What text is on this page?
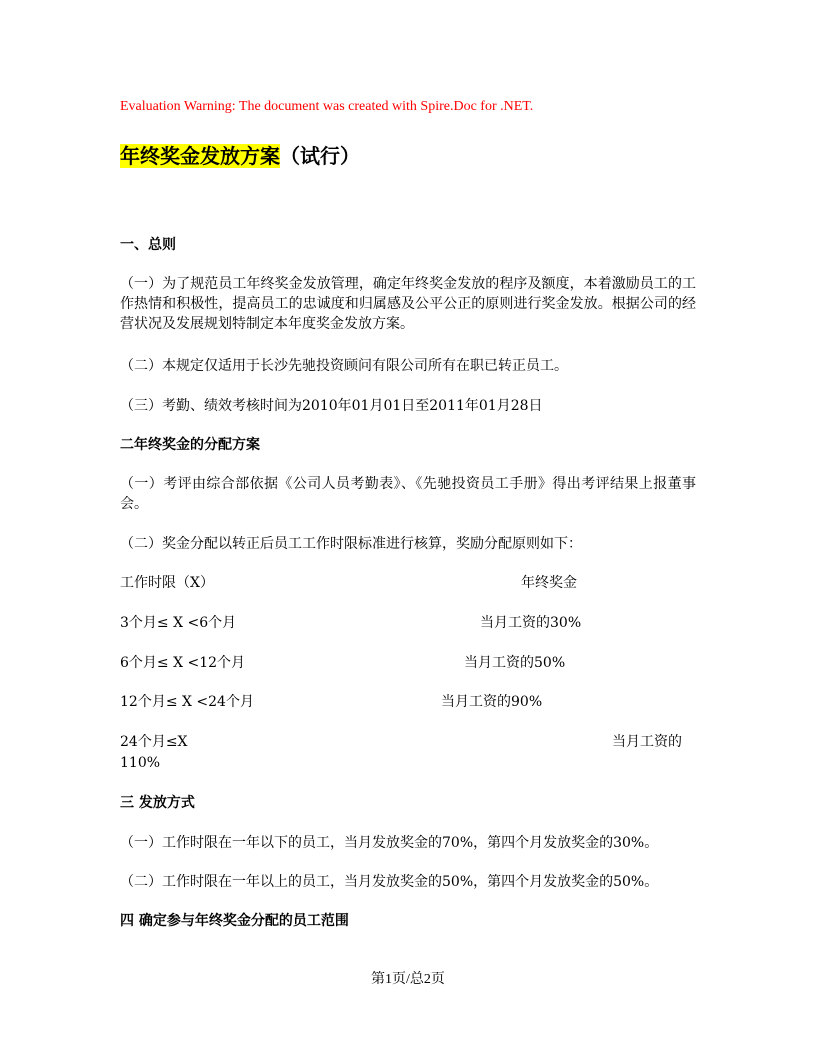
Evaluation Warning: The document was created with Spire.Doc for .NET.
年终奖金发放方案（试行）
一、总则
（一）为了规范员工年终奖金发放管理，确定年终奖金发放的程序及额度，本着激励员工的工作热情和积极性，提高员工的忠诚度和归属感及公平公正的原则进行奖金发放。根据公司的经营状况及发展规划特制定本年度奖金发放方案。
（二）本规定仅适用于长沙先驰投资顾问有限公司所有在职已转正员工。
（三）考勤、绩效考核时间为2010年01月01日至2011年01月28日
二年终奖金的分配方案
（一）考评由综合部依据《公司人员考勤表》、《先驰投资员工手册》得出考评结果上报董事会。
（二）奖金分配以转正后员工工作时限标准进行核算，奖励分配原则如下：
工作时限（X）	年终奖金
3个月≤ X <6个月	当月工资的30%
6个月≤ X <12个月	当月工资的50%
12个月≤ X <24个月	当月工资的90%
24个月≤X	当月工资的
110%
三 发放方式
（一）工作时限在一年以下的员工，当月发放奖金的70%，第四个月发放奖金的30%。
（二）工作时限在一年以上的员工，当月发放奖金的50%，第四个月发放奖金的50%。
四 确定参与年终奖金分配的员工范围
第1页/总2页
